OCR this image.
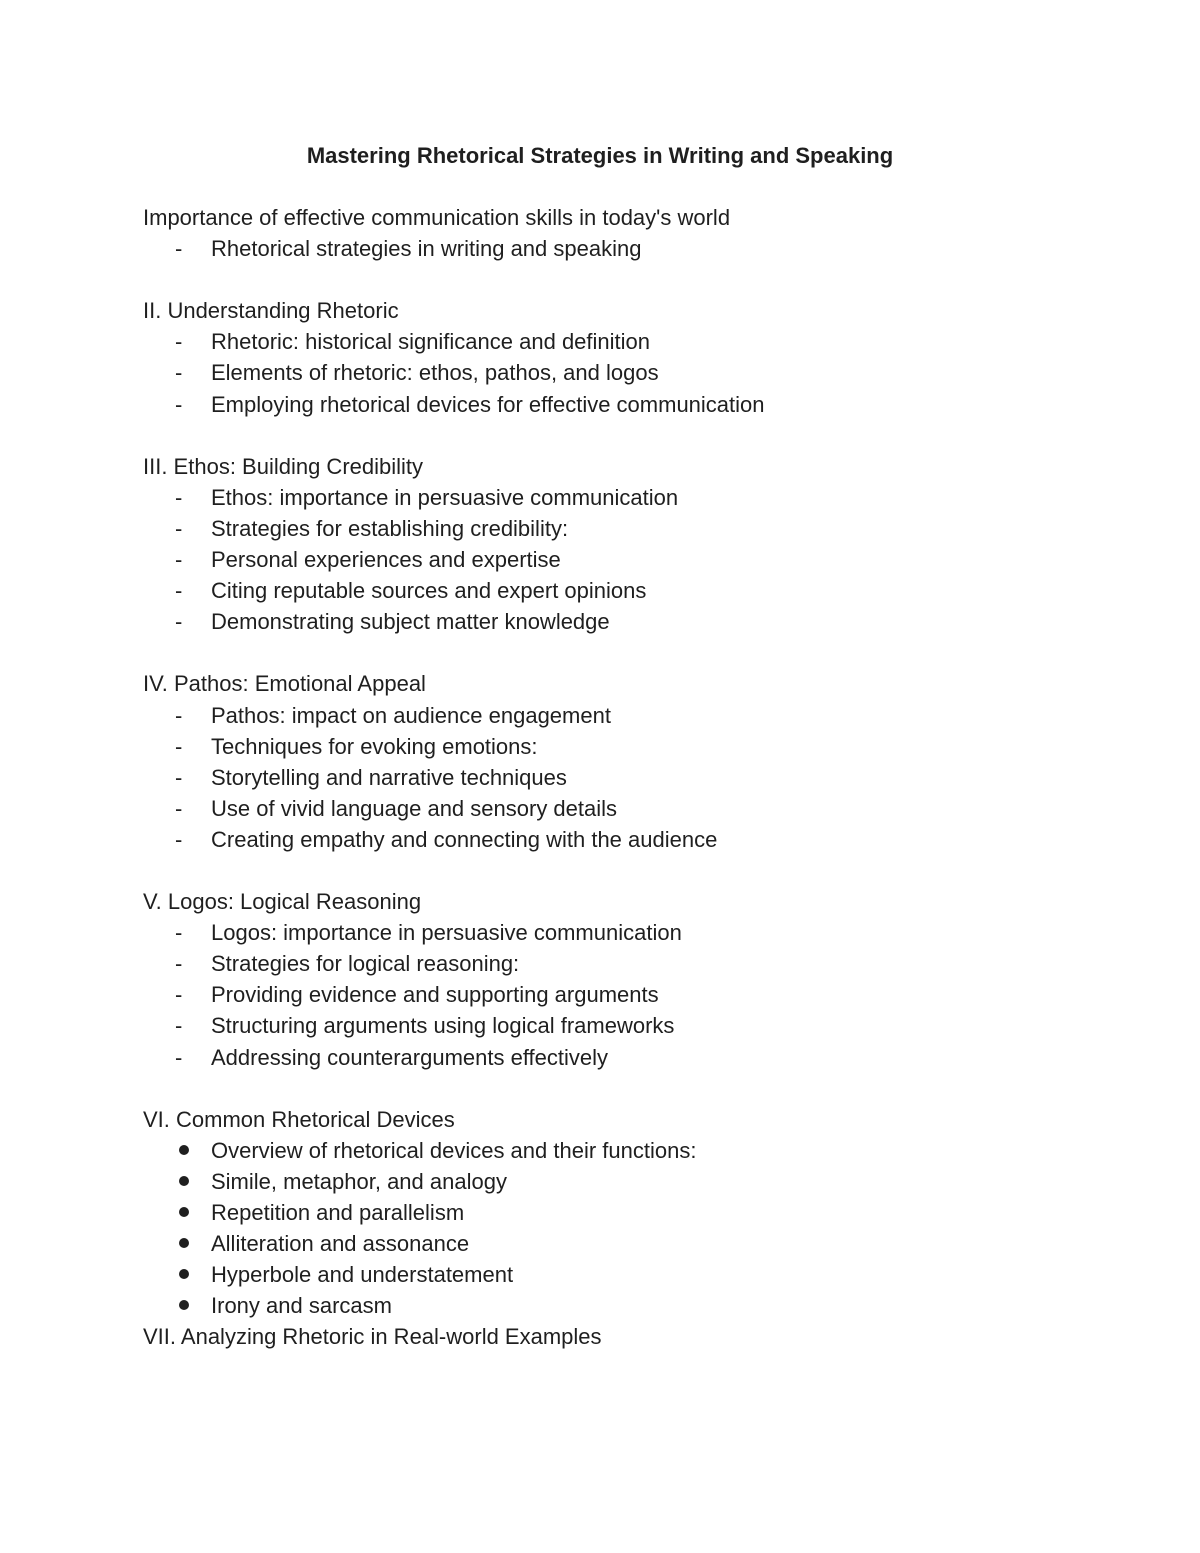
Mastering Rhetorical Strategies in Writing and Speaking

Importance of effective communication skills in today's world

-	Rhetorical strategies in writing and speaking

II. Understanding Rhetoric

-	Rhetoric: historical significance and definition
-	Elements of rhetoric: ethos, pathos, and logos
-	Employing rhetorical devices for effective communication

III. Ethos: Building Credibility

-	Ethos: importance in persuasive communication
-	Strategies for establishing credibility:
-	Personal experiences and expertise
-	Citing reputable sources and expert opinions
-	Demonstrating subject matter knowledge

IV. Pathos: Emotional Appeal

-	Pathos: impact on audience engagement
-	Techniques for evoking emotions:
-	Storytelling and narrative techniques
-	Use of vivid language and sensory details
-	Creating empathy and connecting with the audience

V. Logos: Logical Reasoning

-	Logos: importance in persuasive communication
-	Strategies for logical reasoning:
-	Providing evidence and supporting arguments
-	Structuring arguments using logical frameworks
-	Addressing counterarguments effectively

VI. Common Rhetorical Devices

Overview of rhetorical devices and their functions:
Simile, metaphor, and analogy
Repetition and parallelism
Alliteration and assonance
Hyperbole and understatement
Irony and sarcasm

VII. Analyzing Rhetoric in Real-world Examples
